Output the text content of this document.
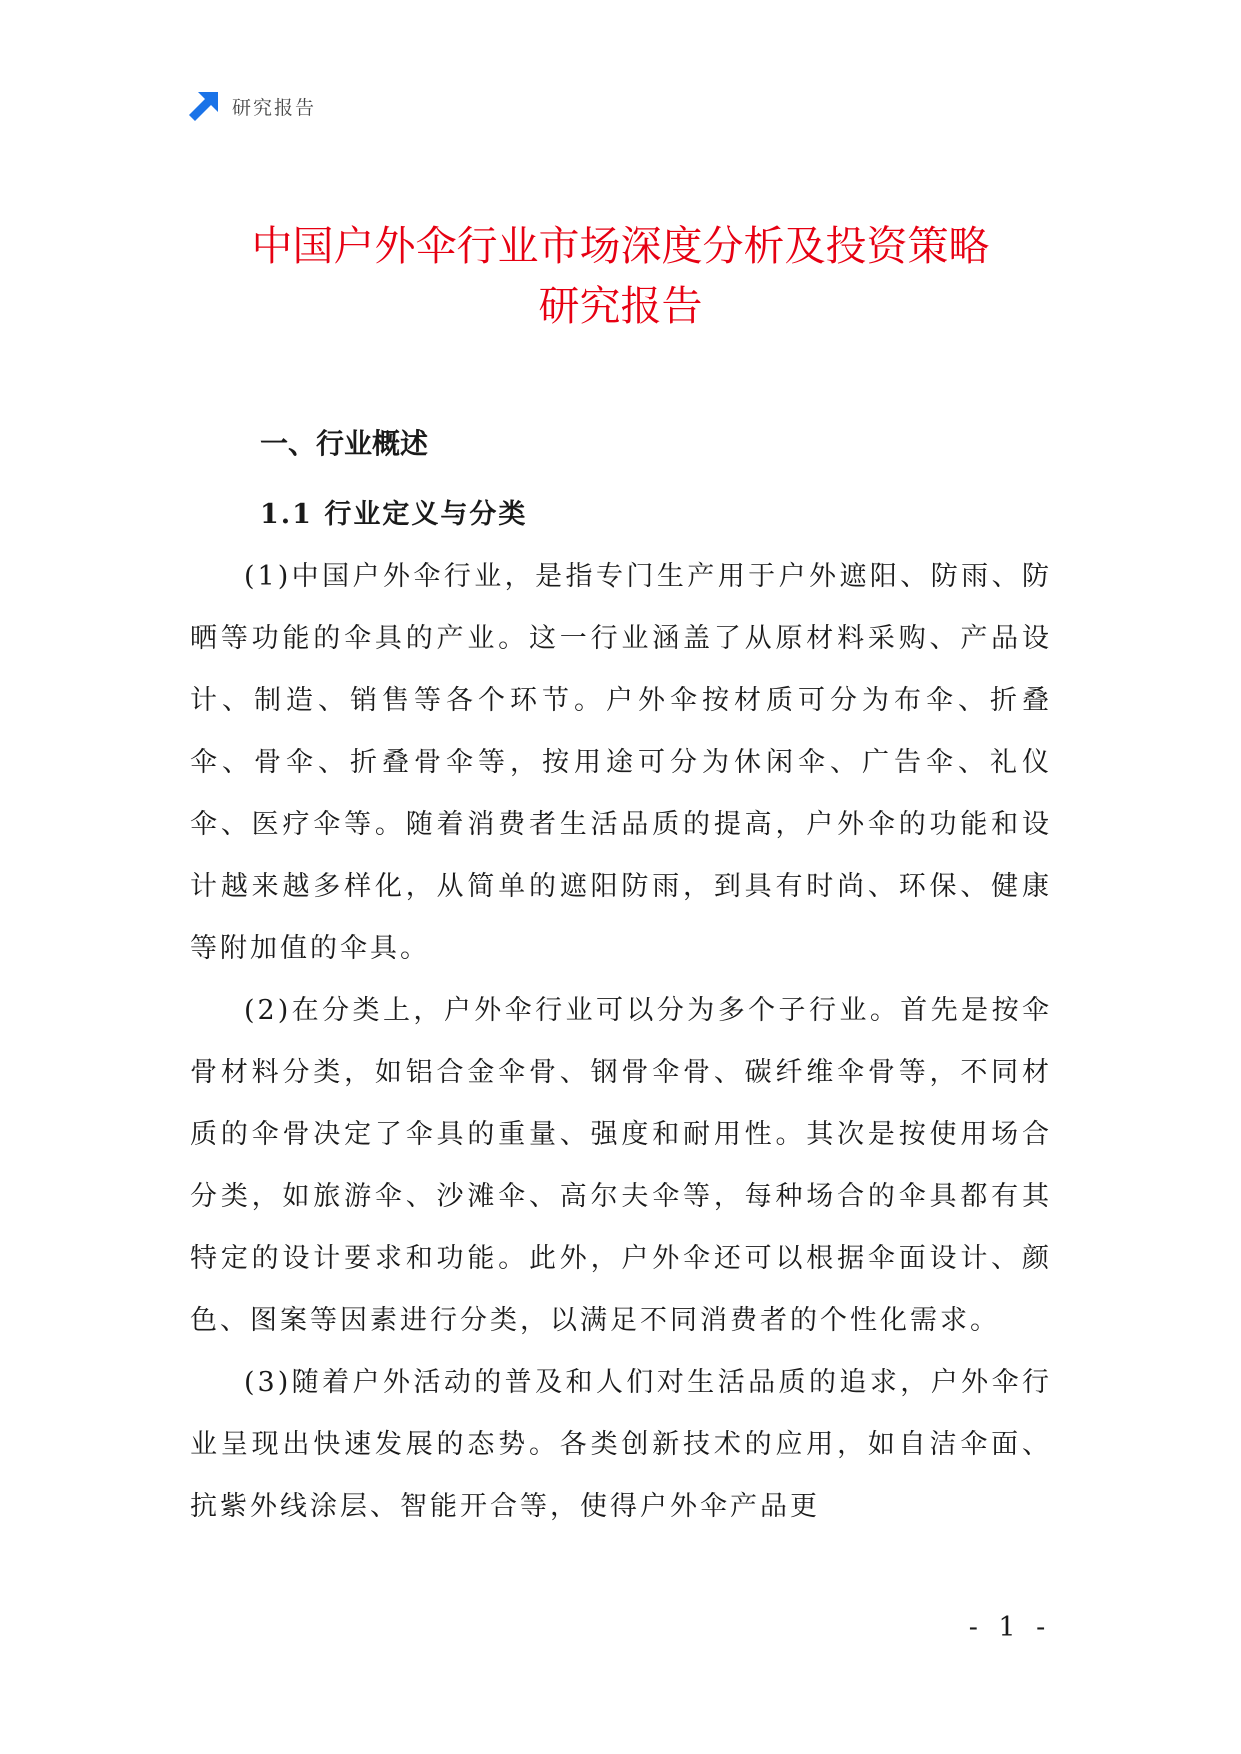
研究报告
中国户外伞行业市场深度分析及投资策略
研究报告
一、行业概述
1.1 行业定义与分类

(1)中国户外伞行业，是指专门生产用于户外遮阳、防雨、防晒等功能的伞具的产业。这一行业涵盖了从原材料采购、产品设计、制造、销售等各个环节。户外伞按材质可分为布伞、折叠伞、骨伞、折叠骨伞等，按用途可分为休闲伞、广告伞、礼仪伞、医疗伞等。随着消费者生活品质的提高，户外伞的功能和设计越来越多样化，从简单的遮阳防雨，到具有时尚、环保、健康等附加值的伞具。

(2)在分类上，户外伞行业可以分为多个子行业。首先是按伞骨材料分类，如铝合金伞骨、钢骨伞骨、碳纤维伞骨等，不同材质的伞骨决定了伞具的重量、强度和耐用性。其次是按使用场合分类，如旅游伞、沙滩伞、高尔夫伞等，每种场合的伞具都有其特定的设计要求和功能。此外，户外伞还可以根据伞面设计、颜色、图案等因素进行分类，以满足不同消费者的个性化需求。

(3)随着户外活动的普及和人们对生活品质的追求，户外伞行业呈现出快速发展的态势。各类创新技术的应用，如自洁伞面、抗紫外线涂层、智能开合等，使得户外伞产品更

- 1 -
